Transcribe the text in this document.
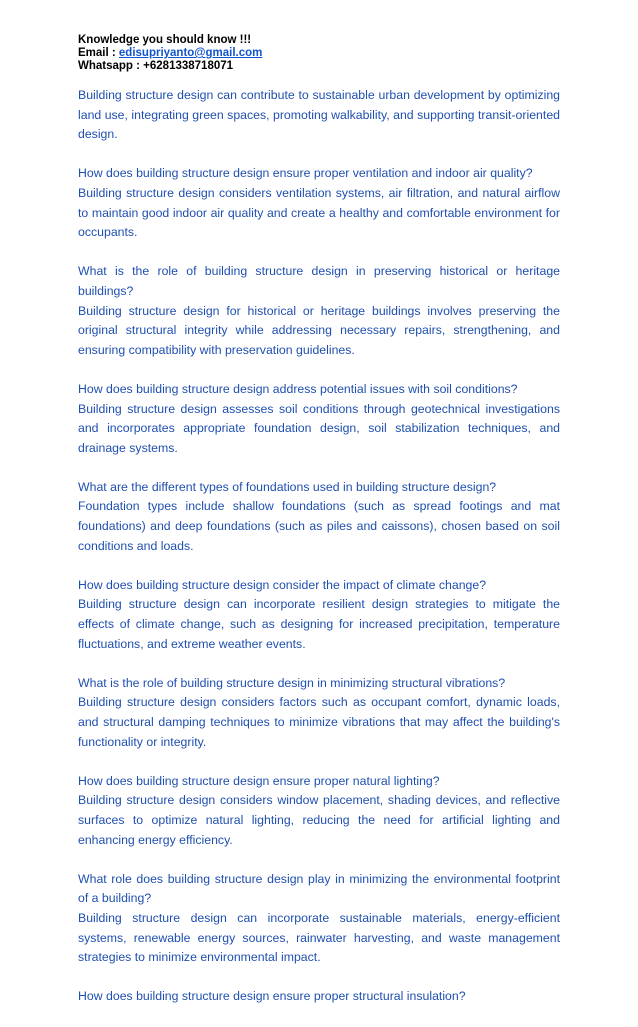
Knowledge you should know !!!

Email : edisupriyanto@gmail.com

Whatsapp : +6281338718071

Building structure design can contribute to sustainable urban development by optimizing land use, integrating green spaces, promoting walkability, and supporting transit-oriented design.

How does building structure design ensure proper ventilation and indoor air quality?

Building structure design considers ventilation systems, air filtration, and natural airflow to maintain good indoor air quality and create a healthy and comfortable environment for occupants.

What is the role of building structure design in preserving historical or heritage buildings?

Building structure design for historical or heritage buildings involves preserving the original structural integrity while addressing necessary repairs, strengthening, and ensuring compatibility with preservation guidelines.

How does building structure design address potential issues with soil conditions?

Building structure design assesses soil conditions through geotechnical investigations and incorporates appropriate foundation design, soil stabilization techniques, and drainage systems.

What are the different types of foundations used in building structure design?

Foundation types include shallow foundations (such as spread footings and mat foundations) and deep foundations (such as piles and caissons), chosen based on soil conditions and loads.

How does building structure design consider the impact of climate change?

Building structure design can incorporate resilient design strategies to mitigate the effects of climate change, such as designing for increased precipitation, temperature fluctuations, and extreme weather events.

What is the role of building structure design in minimizing structural vibrations?

Building structure design considers factors such as occupant comfort, dynamic loads, and structural damping techniques to minimize vibrations that may affect the building's functionality or integrity.

How does building structure design ensure proper natural lighting?

Building structure design considers window placement, shading devices, and reflective surfaces to optimize natural lighting, reducing the need for artificial lighting and enhancing energy efficiency.

What role does building structure design play in minimizing the environmental footprint of a building?

Building structure design can incorporate sustainable materials, energy-efficient systems, renewable energy sources, rainwater harvesting, and waste management strategies to minimize environmental impact.

How does building structure design ensure proper structural insulation?
